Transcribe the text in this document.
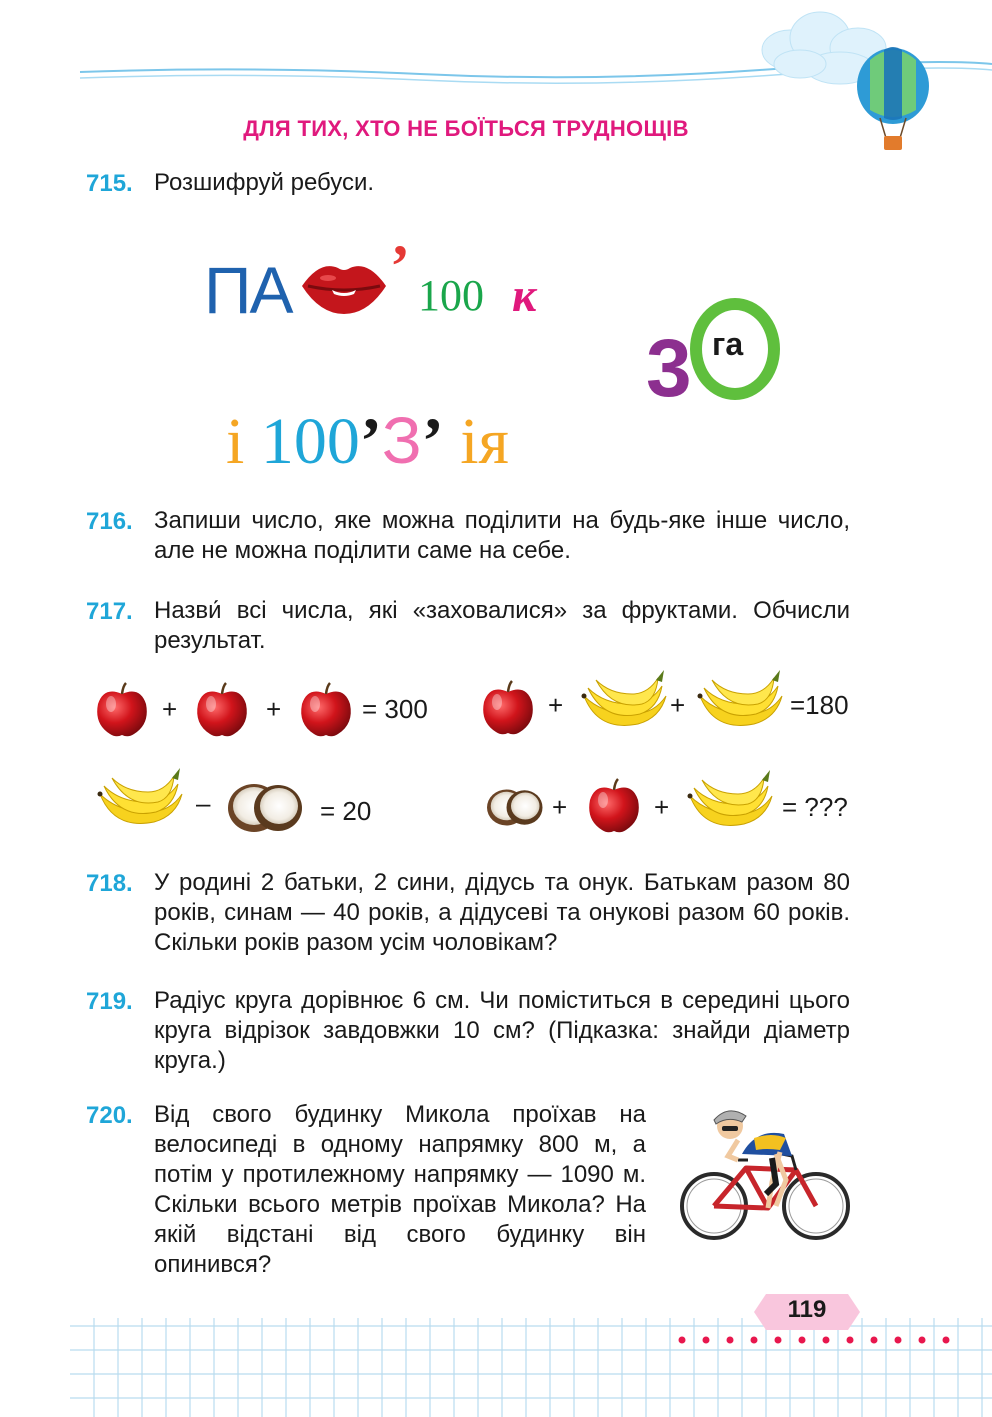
ДЛЯ ТИХ, ХТО НЕ БОЇТЬСЯ ТРУДНОЩІВ
715. Розшифруй ребуси.
ПА ’ 100 к
3 га
і 100’З’ ія
716. Запиши число, яке можна поділити на будь-яке інше число, але не можна поділити саме на себе.
717. Назви́ всі числа, які «заховалися» за фруктами. Обчисли результат.
+	+	= 300	+	+	=180
–	= 20	+	+	= ???
718. У родині 2 батьки, 2 сини, дідусь та онук. Батькам разом 80 років, синам — 40 років, а дідусеві та онукові разом 60 років. Скільки років разом усім чоловікам?
719. Радіус круга дорівнює 6 см. Чи поміститься в середині цього круга відрізок завдовжки 10 см? (Підказка: знайди діаметр круга.)
720. Від свого будинку Микола проїхав на велосипеді в одному напрямку 800 м, а потім у протилежному напрямку — 1090 м. Скільки всього метрів проїхав Микола? На якій відстані від свого будинку він опинився?
119
